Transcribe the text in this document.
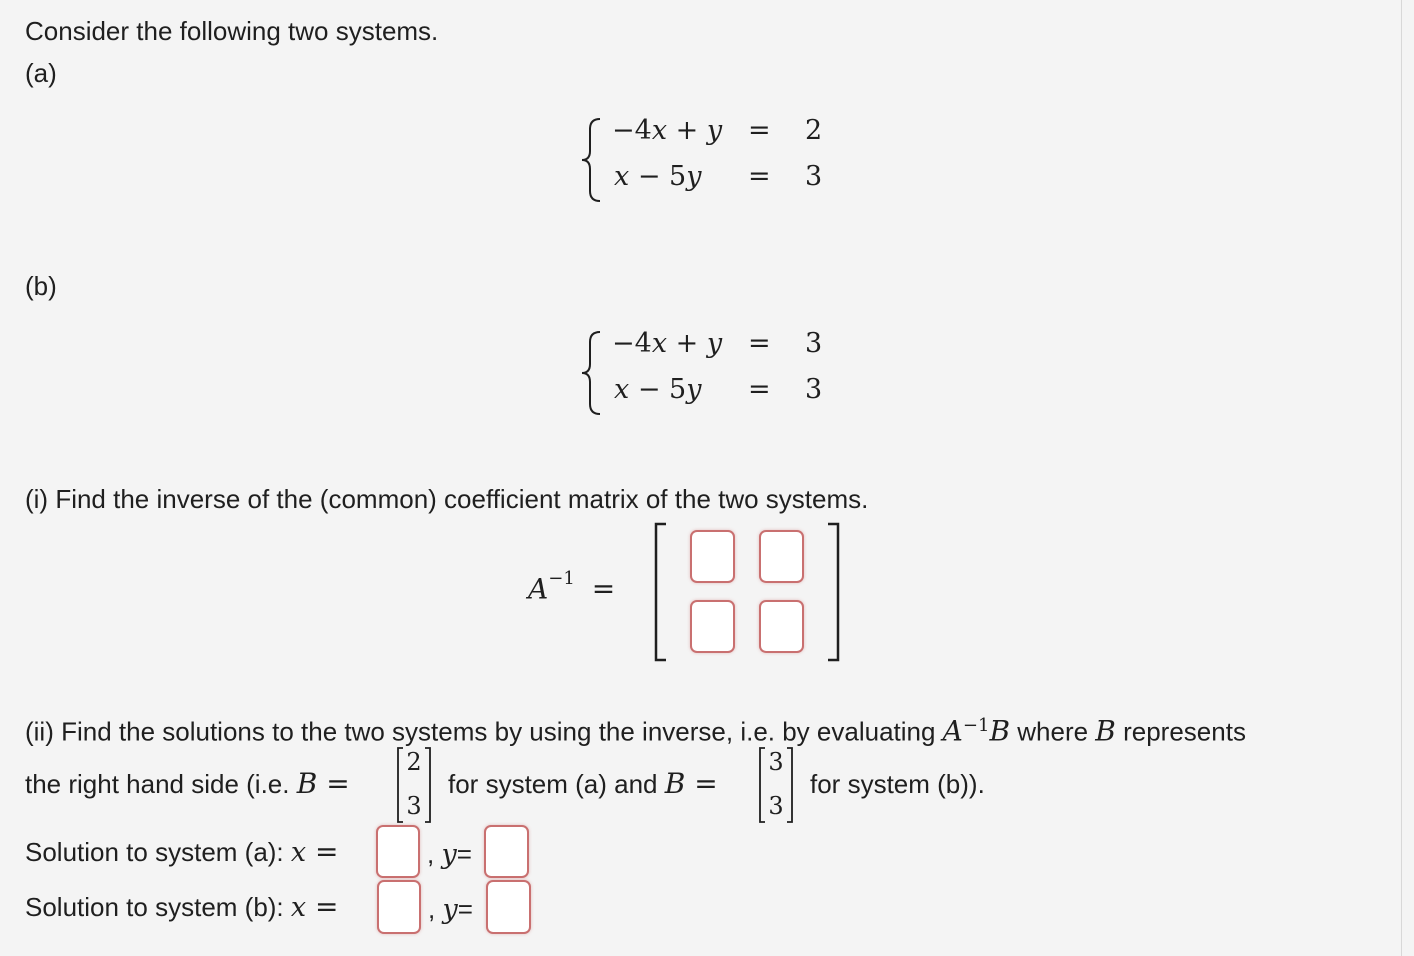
Consider the following two systems.
(a)
−4x + y = 2
x − 5y = 3
(b)
−4x + y = 3
x − 5y = 3
(i) Find the inverse of the (common) coefficient matrix of the two systems.
$A^{-1}$ =
(ii) Find the solutions to the two systems by using the inverse, i.e. by evaluating $A^{-1}B$ where B represents
the right hand side (i.e. B =
2
3
for system (a) and B =
3
3
for system (b)).
Solution to system (a): x =	, y=
Solution to system (b): x =	, y=
